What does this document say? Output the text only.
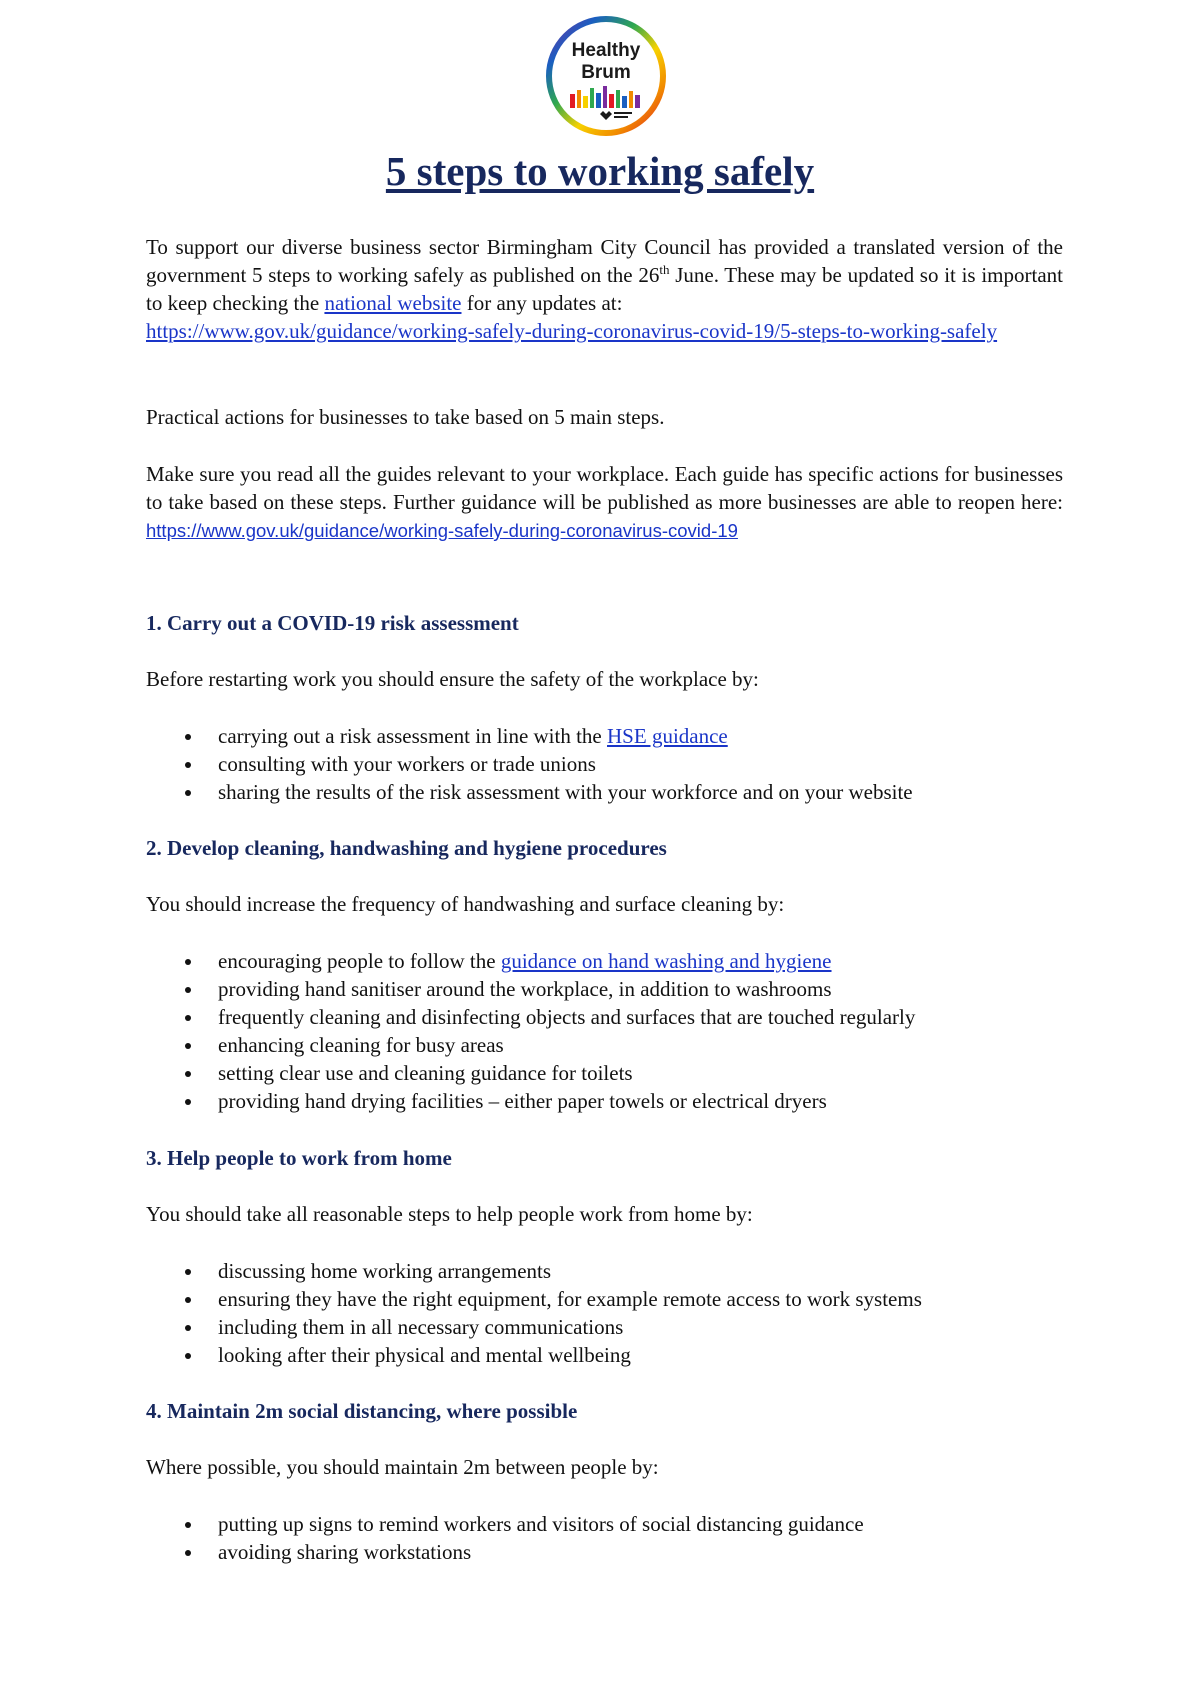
Healthy
Brum
5 steps to working safely

To support our diverse business sector Birmingham City Council has provided a translated version of the government 5 steps to working safely as published on the 26th June. These may be updated so it is important to keep checking the national website for any updates at:
https://www.gov.uk/guidance/working-safely-during-coronavirus-covid-19/5-steps-to-working-safely

Practical actions for businesses to take based on 5 main steps.

Make sure you read all the guides relevant to your workplace. Each guide has specific actions for businesses to take based on these steps. Further guidance will be published as more businesses are able to reopen here: https://www.gov.uk/guidance/working-safely-during-coronavirus-covid-19

1. Carry out a COVID-19 risk assessment

Before restarting work you should ensure the safety of the workplace by:

carrying out a risk assessment in line with the HSE guidance
consulting with your workers or trade unions
sharing the results of the risk assessment with your workforce and on your website
2. Develop cleaning, handwashing and hygiene procedures

You should increase the frequency of handwashing and surface cleaning by:

encouraging people to follow the guidance on hand washing and hygiene
providing hand sanitiser around the workplace, in addition to washrooms
frequently cleaning and disinfecting objects and surfaces that are touched regularly
enhancing cleaning for busy areas
setting clear use and cleaning guidance for toilets
providing hand drying facilities – either paper towels or electrical dryers
3. Help people to work from home

You should take all reasonable steps to help people work from home by:

discussing home working arrangements
ensuring they have the right equipment, for example remote access to work systems
including them in all necessary communications
looking after their physical and mental wellbeing
4. Maintain 2m social distancing, where possible

Where possible, you should maintain 2m between people by:

putting up signs to remind workers and visitors of social distancing guidance
avoiding sharing workstations
